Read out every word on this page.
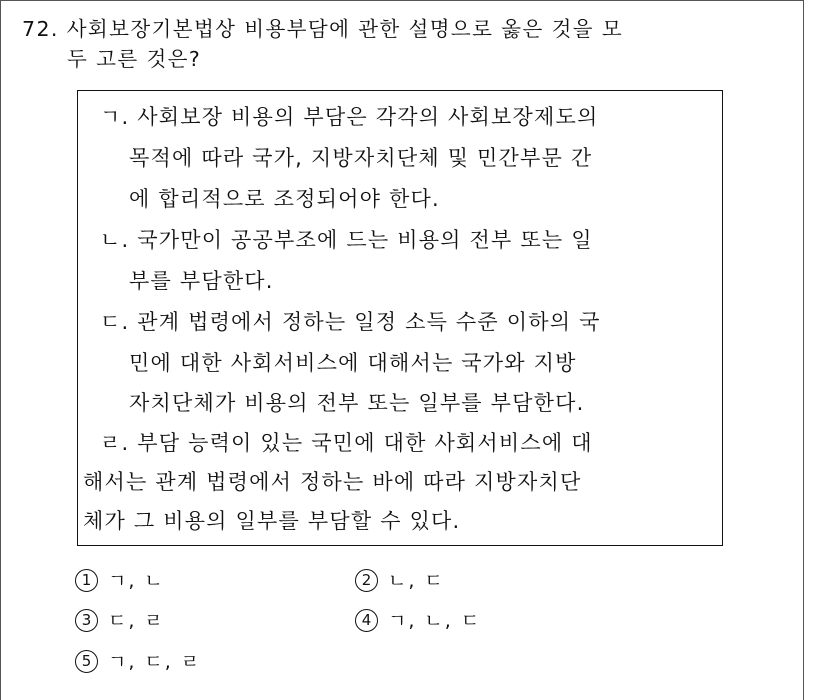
72. 사회보장기본법상 비용부담에 관한 설명으로 옳은 것을 모
두 고른 것은?
ㄱ. 사회보장 비용의 부담은 각각의 사회보장제도의
목적에 따라 국가, 지방자치단체 및 민간부문 간
에 합리적으로 조정되어야 한다.
ㄴ. 국가만이 공공부조에 드는 비용의 전부 또는 일
부를 부담한다.
ㄷ. 관계 법령에서 정하는 일정 소득 수준 이하의 국
민에 대한 사회서비스에 대해서는 국가와 지방
자치단체가 비용의 전부 또는 일부를 부담한다.
ㄹ. 부담 능력이 있는 국민에 대한 사회서비스에 대
해서는 관계 법령에서 정하는 바에 따라 지방자치단
체가 그 비용의 일부를 부담할 수 있다.
1 ㄱ, ㄴ	2 ㄴ, ㄷ
3 ㄷ, ㄹ	4 ㄱ, ㄴ, ㄷ
5 ㄱ, ㄷ, ㄹ
